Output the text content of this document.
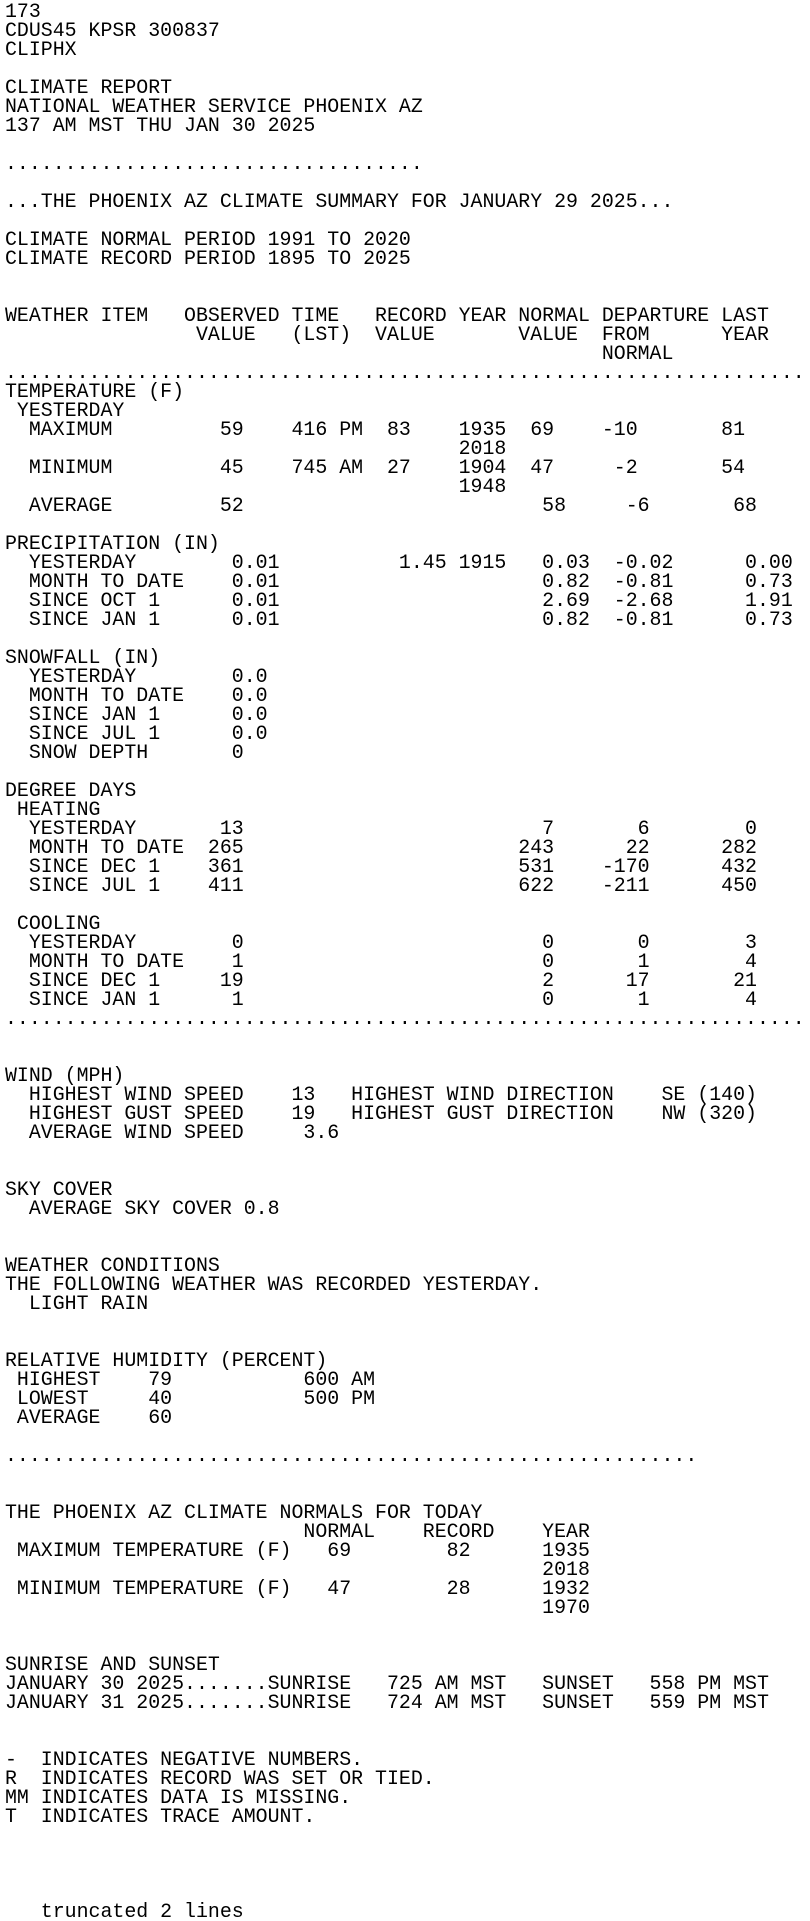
173
CDUS45 KPSR 300837
CLIPHX
CLIMATE REPORT
NATIONAL WEATHER SERVICE PHOENIX AZ
137 AM MST THU JAN 30 2025
...................................
...THE PHOENIX AZ CLIMATE SUMMARY FOR JANUARY 29 2025...
CLIMATE NORMAL PERIOD 1991 TO 2020
CLIMATE RECORD PERIOD 1895 TO 2025
WEATHER ITEM   OBSERVED TIME   RECORD YEAR NORMAL DEPARTURE LAST
VALUE   (LST)  VALUE       VALUE  FROM      YEAR
NORMAL
...................................................................
TEMPERATURE (F)
YESTERDAY
MAXIMUM         59    416 PM  83    1935  69    -10       81
2018
MINIMUM         45    745 AM  27    1904  47     -2       54
1948
AVERAGE         52                         58     -6       68
PRECIPITATION (IN)
YESTERDAY        0.01          1.45 1915   0.03  -0.02      0.00
MONTH TO DATE    0.01                      0.82  -0.81      0.73
SINCE OCT 1      0.01                      2.69  -2.68      1.91
SINCE JAN 1      0.01                      0.82  -0.81      0.73
SNOWFALL (IN)
YESTERDAY        0.0
MONTH TO DATE    0.0
SINCE JAN 1      0.0
SINCE JUL 1      0.0
SNOW DEPTH       0
DEGREE DAYS
HEATING
YESTERDAY       13                         7       6        0
MONTH TO DATE  265                       243      22      282
SINCE DEC 1    361                       531    -170      432
SINCE JUL 1    411                       622    -211      450
COOLING
YESTERDAY        0                         0       0        3
MONTH TO DATE    1                         0       1        4
SINCE DEC 1     19                         2      17       21
SINCE JAN 1      1                         0       1        4
...................................................................
WIND (MPH)
HIGHEST WIND SPEED    13   HIGHEST WIND DIRECTION    SE (140)
HIGHEST GUST SPEED    19   HIGHEST GUST DIRECTION    NW (320)
AVERAGE WIND SPEED     3.6
SKY COVER
AVERAGE SKY COVER 0.8
WEATHER CONDITIONS
THE FOLLOWING WEATHER WAS RECORDED YESTERDAY.
LIGHT RAIN
RELATIVE HUMIDITY (PERCENT)
HIGHEST    79           600 AM
LOWEST     40           500 PM
AVERAGE    60
..........................................................
THE PHOENIX AZ CLIMATE NORMALS FOR TODAY
NORMAL    RECORD    YEAR
MAXIMUM TEMPERATURE (F)   69        82      1935
2018
MINIMUM TEMPERATURE (F)   47        28      1932
1970
SUNRISE AND SUNSET
JANUARY 30 2025.......SUNRISE   725 AM MST   SUNSET   558 PM MST
JANUARY 31 2025.......SUNRISE   724 AM MST   SUNSET   559 PM MST
-  INDICATES NEGATIVE NUMBERS.
R  INDICATES RECORD WAS SET OR TIED.
MM INDICATES DATA IS MISSING.
T  INDICATES TRACE AMOUNT.
truncated 2 lines
